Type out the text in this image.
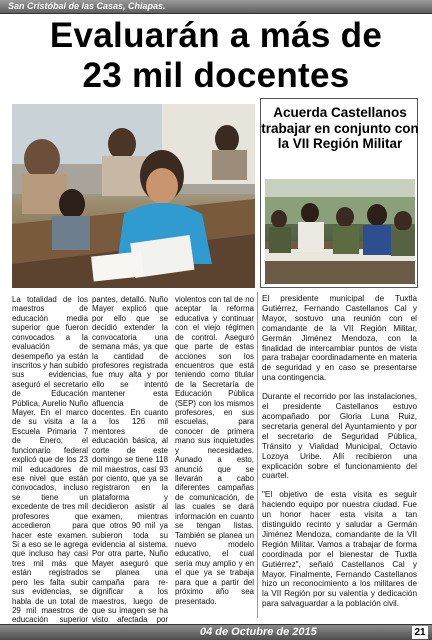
San Cristóbal de las Casas, Chiapas.
Evaluarán a más de
23 mil docentes
Acuerda Castellanos trabajar en conjunto con la VII Región Militar
La totalidad de los maestros de educación media superior que fueron convocados a la evaluación de desempeño ya están inscritos y han subido sus evidencias, aseguró el secretario de Educación Pública, Aurelio Nuño Mayer. En el marco de su visita a la Escuela Primaria 7 de Enero, el funcionario federal explicó que de los 23 mil educadores de ese nivel que están convocados, incluso se tiene un excedente de tres mil profesores que accedieron para hacer este examen. Si a eso se le agrega que incluso hay casi tres mil más que están registrados pero les falta subir sus evidencias, se habla de un total de 29 mil maestros de educación superior
pantes, detalló. Nuño Mayer explicó que por ello que se decidió extender la convocatoria una semana más, ya que la cantidad de profesores registrada fue muy alta y por ello se intentó mantener esta afluencia de docentes. En cuanto a los 126 mil mentores de educación básica, al corte de este domingo se tiene 118 mil maestros, casi 93 por ciento, que ya se registraron en la plataforma y decidieron asistir al examen, mientras que otros 90 mil ya subieron toda su evidencia al sistema. Por otra parte, Nuño Mayer aseguró que se planea una campaña para re-dignificar a los maestros, luego de que su imagen se ha visto afectada por
violentos con tal de no aceptar la reforma educativa y continuar con el viejo régimen de control. Aseguró que parte de estas acciones son los encuentros que está teniendo como titular de la Secretaría de Educación Pública (SEP) con los mismos profesores, en sus escuelas, para conocer de primera mano sus inquietudes y necesidades. Aunado a esto, anunció que se llevarán a cabo diferentes campañas de comunicación, de las cuales se dará información en cuanto se tengan listas. También se planea un nuevo modelo educativo, el cual sería muy amplio y en el que ya se trabaja para que a partir del próximo año sea presentado.

El presidente municipal de Tuxtla Gutiérrez, Fernando Castellanos Cal y Mayor, sostuvo una reunión con el comandante de la VII Región Militar, Germán Jiménez Mendoza, con la finalidad de intercambiar puntos de vista para trabajar coordinadamente en materia de seguridad y en caso se presentarse una contingencia.

Durante el recorrido por las instalaciones, el presidente Castellanos estuvo acompañado por Gloria Luna Ruiz, secretaria general del Ayuntamiento y por el secretario de Seguridad Pública, Tránsito y Vialidad Municipal, Octavio Lozoya Uribe. Allí recibieron una explicación sobre el funcionamiento del cuartel.

"El objetivo de esta visita es seguir haciendo equipo por nuestra ciudad. Fue un honor hacer esta visita a tan distinguido recinto y saludar a Germán Jiménez Mendoza, comandante de la VII Región Militar. Vamos a trabajar de forma coordinada por el bienestar de Tuxtla Gutiérrez", señaló Castellanos Cal y Mayor. Finalmente, Fernando Castellanos hizo un reconocimiento a los militares de la VII Región por su valentía y dedicación para salvaguardar a la población civil.

04 de Octubre de 2015	21
